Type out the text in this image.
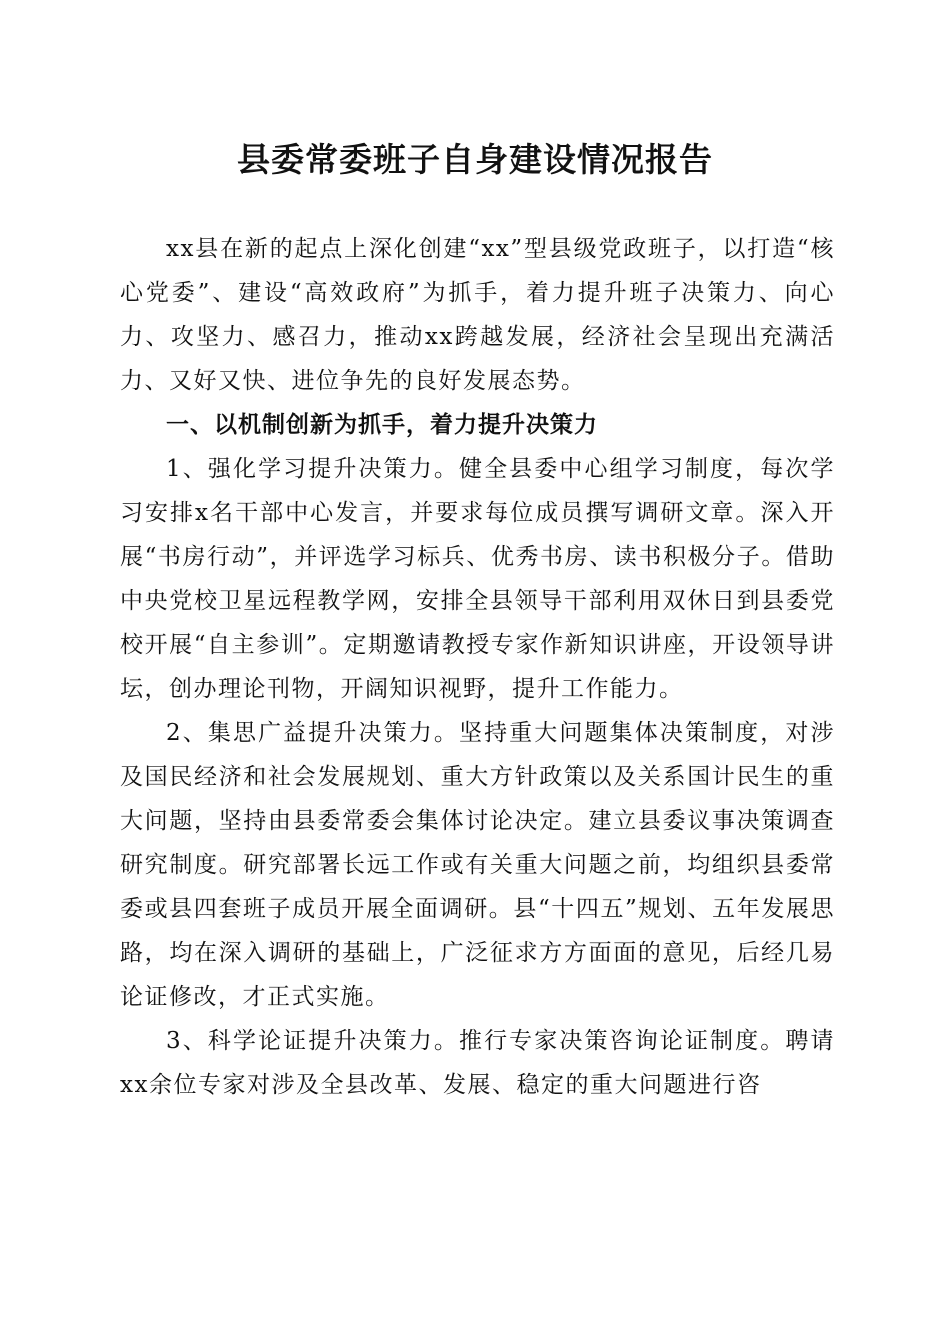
县委常委班子自身建设情况报告

xx县在新的起点上深化创建“xx”型县级党政班子，以打造“核心党委”、建设“高效政府”为抓手，着力提升班子决策力、向心力、攻坚力、感召力，推动xx跨越发展，经济社会呈现出充满活力、又好又快、进位争先的良好发展态势。

一、以机制创新为抓手，着力提升决策力

1、强化学习提升决策力。健全县委中心组学习制度，每次学习安排x名干部中心发言，并要求每位成员撰写调研文章。深入开展“书房行动”，并评选学习标兵、优秀书房、读书积极分子。借助中央党校卫星远程教学网，安排全县领导干部利用双休日到县委党校开展“自主参训”。定期邀请教授专家作新知识讲座，开设领导讲坛，创办理论刊物，开阔知识视野，提升工作能力。

2、集思广益提升决策力。坚持重大问题集体决策制度，对涉及国民经济和社会发展规划、重大方针政策以及关系国计民生的重大问题，坚持由县委常委会集体讨论决定。建立县委议事决策调查研究制度。研究部署长远工作或有关重大问题之前，均组织县委常委或县四套班子成员开展全面调研。县“十四五”规划、五年发展思路，均在深入调研的基础上，广泛征求方方面面的意见，后经几易论证修改，才正式实施。

3、科学论证提升决策力。推行专家决策咨询论证制度。聘请xx余位专家对涉及全县改革、发展、稳定的重大问题进行咨
